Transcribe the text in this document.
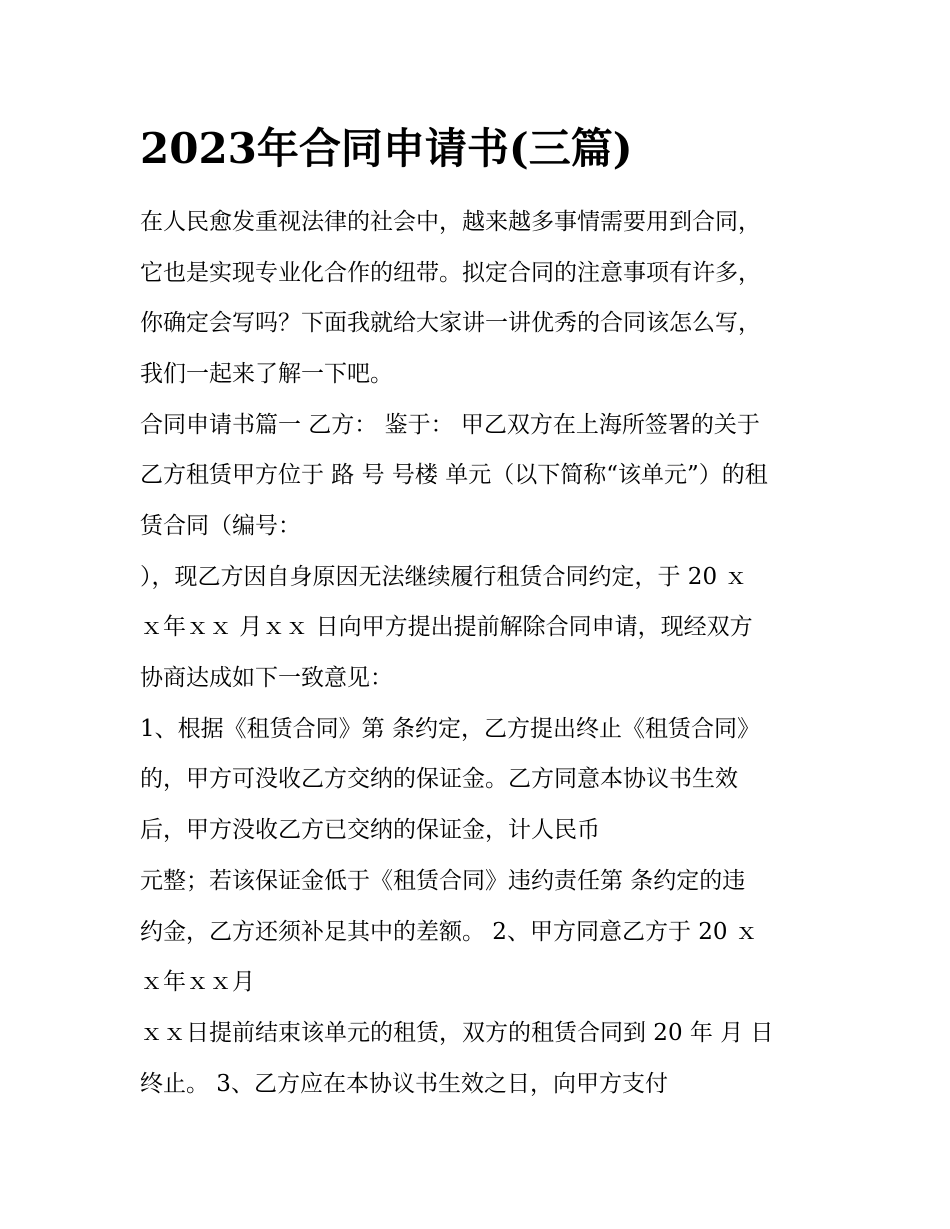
2023年合同申请书(三篇)

在人民愈发重视法律的社会中，越来越多事情需要用到合同，

它也是实现专业化合作的纽带。拟定合同的注意事项有许多，

你确定会写吗？下面我就给大家讲一讲优秀的合同该怎么写，

我们一起来了解一下吧。

合同申请书篇一 乙方： 鉴于： 甲乙双方在上海所签署的关于

乙方租赁甲方位于 路 号 号楼 单元（以下简称“该单元”）的租

赁合同（编号：

），现乙方因自身原因无法继续履行租赁合同约定，于 20 ｘ

ｘ年ｘｘ 月ｘｘ 日向甲方提出提前解除合同申请，现经双方

协商达成如下一致意见：

1、根据《租赁合同》第 条约定，乙方提出终止《租赁合同》

的，甲方可没收乙方交纳的保证金。乙方同意本协议书生效

后，甲方没收乙方已交纳的保证金，计人民币

元整；若该保证金低于《租赁合同》违约责任第 条约定的违

约金，乙方还须补足其中的差额。 2、甲方同意乙方于 20 ｘ

ｘ年ｘｘ月

ｘｘ日提前结束该单元的租赁，双方的租赁合同到 20 年 月 日

终止。 3、乙方应在本协议书生效之日，向甲方支付
